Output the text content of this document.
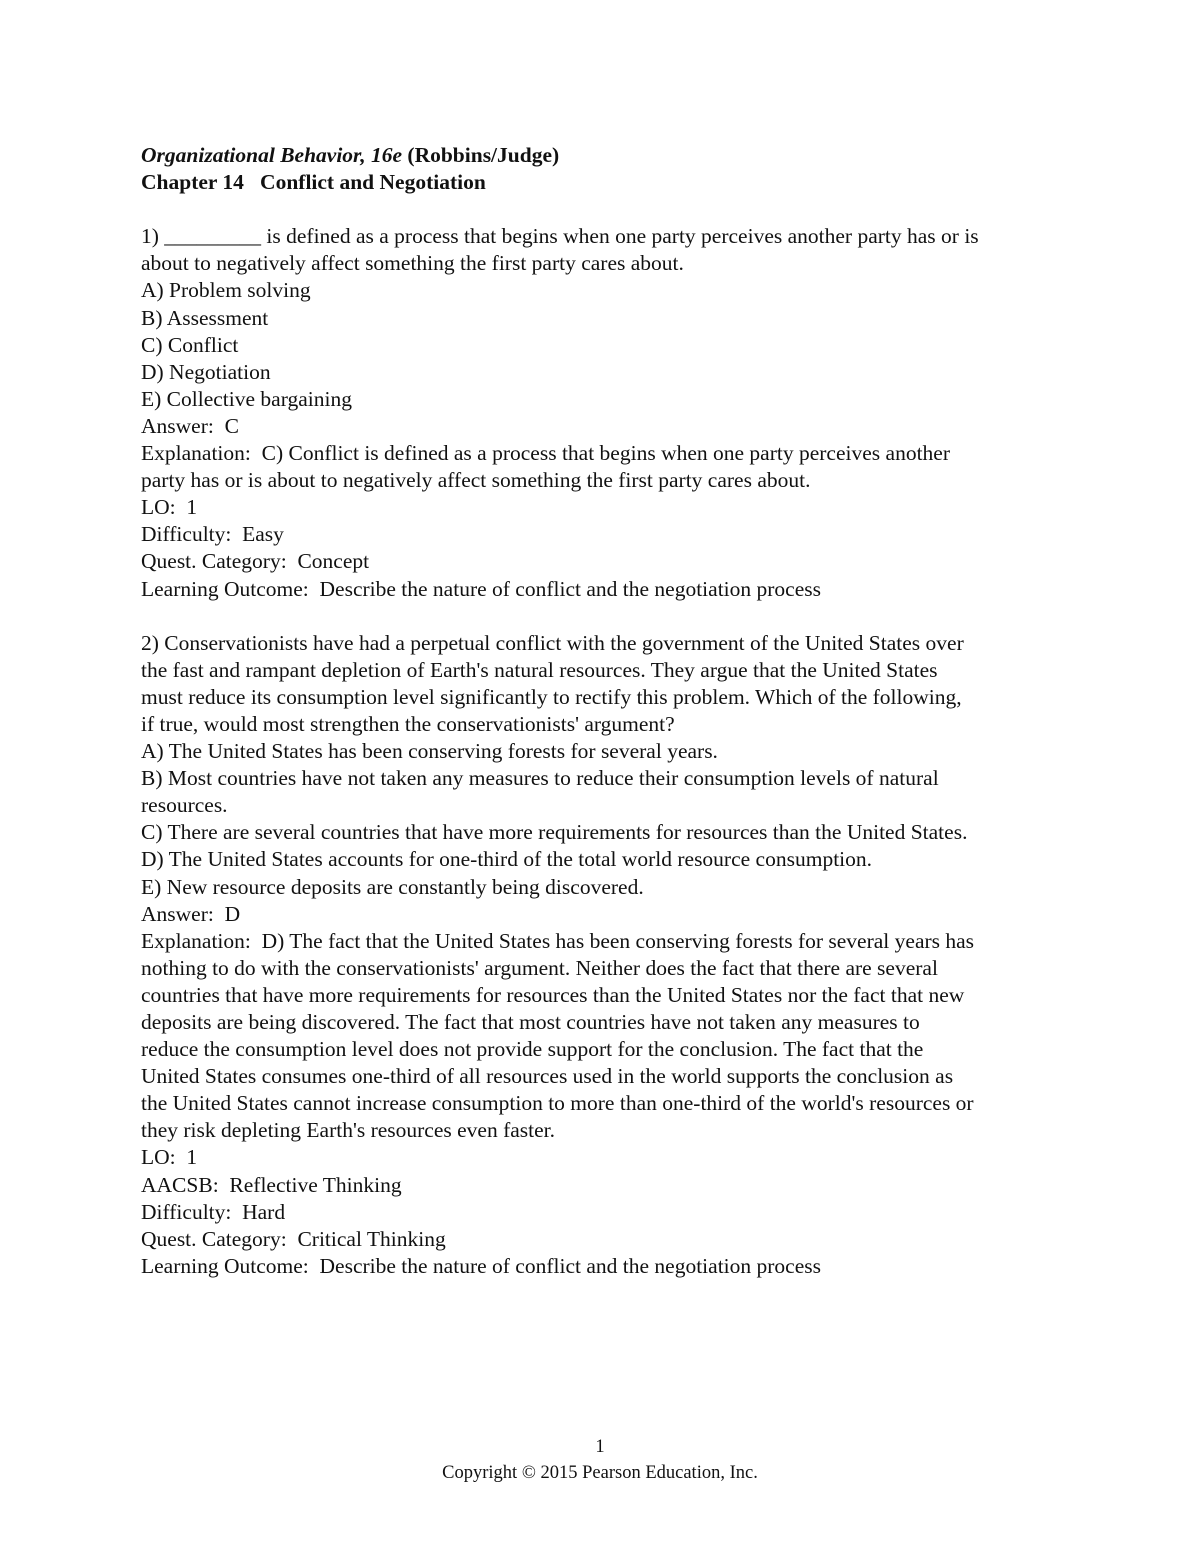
Organizational Behavior, 16e (Robbins/Judge)
Chapter 14   Conflict and Negotiation
1) _________ is defined as a process that begins when one party perceives another party has or is
about to negatively affect something the first party cares about.
A) Problem solving
B) Assessment
C) Conflict
D) Negotiation
E) Collective bargaining
Answer:  C
Explanation:  C) Conflict is defined as a process that begins when one party perceives another
party has or is about to negatively affect something the first party cares about.
LO:  1
Difficulty:  Easy
Quest. Category:  Concept
Learning Outcome:  Describe the nature of conflict and the negotiation process
2) Conservationists have had a perpetual conflict with the government of the United States over
the fast and rampant depletion of Earth's natural resources. They argue that the United States
must reduce its consumption level significantly to rectify this problem. Which of the following,
if true, would most strengthen the conservationists' argument?
A) The United States has been conserving forests for several years.
B) Most countries have not taken any measures to reduce their consumption levels of natural
resources.
C) There are several countries that have more requirements for resources than the United States.
D) The United States accounts for one-third of the total world resource consumption.
E) New resource deposits are constantly being discovered.
Answer:  D
Explanation:  D) The fact that the United States has been conserving forests for several years has
nothing to do with the conservationists' argument. Neither does the fact that there are several
countries that have more requirements for resources than the United States nor the fact that new
deposits are being discovered. The fact that most countries have not taken any measures to
reduce the consumption level does not provide support for the conclusion. The fact that the
United States consumes one-third of all resources used in the world supports the conclusion as
the United States cannot increase consumption to more than one-third of the world's resources or
they risk depleting Earth's resources even faster.
LO:  1
AACSB:  Reflective Thinking
Difficulty:  Hard
Quest. Category:  Critical Thinking
Learning Outcome:  Describe the nature of conflict and the negotiation process
1
Copyright © 2015 Pearson Education, Inc.
